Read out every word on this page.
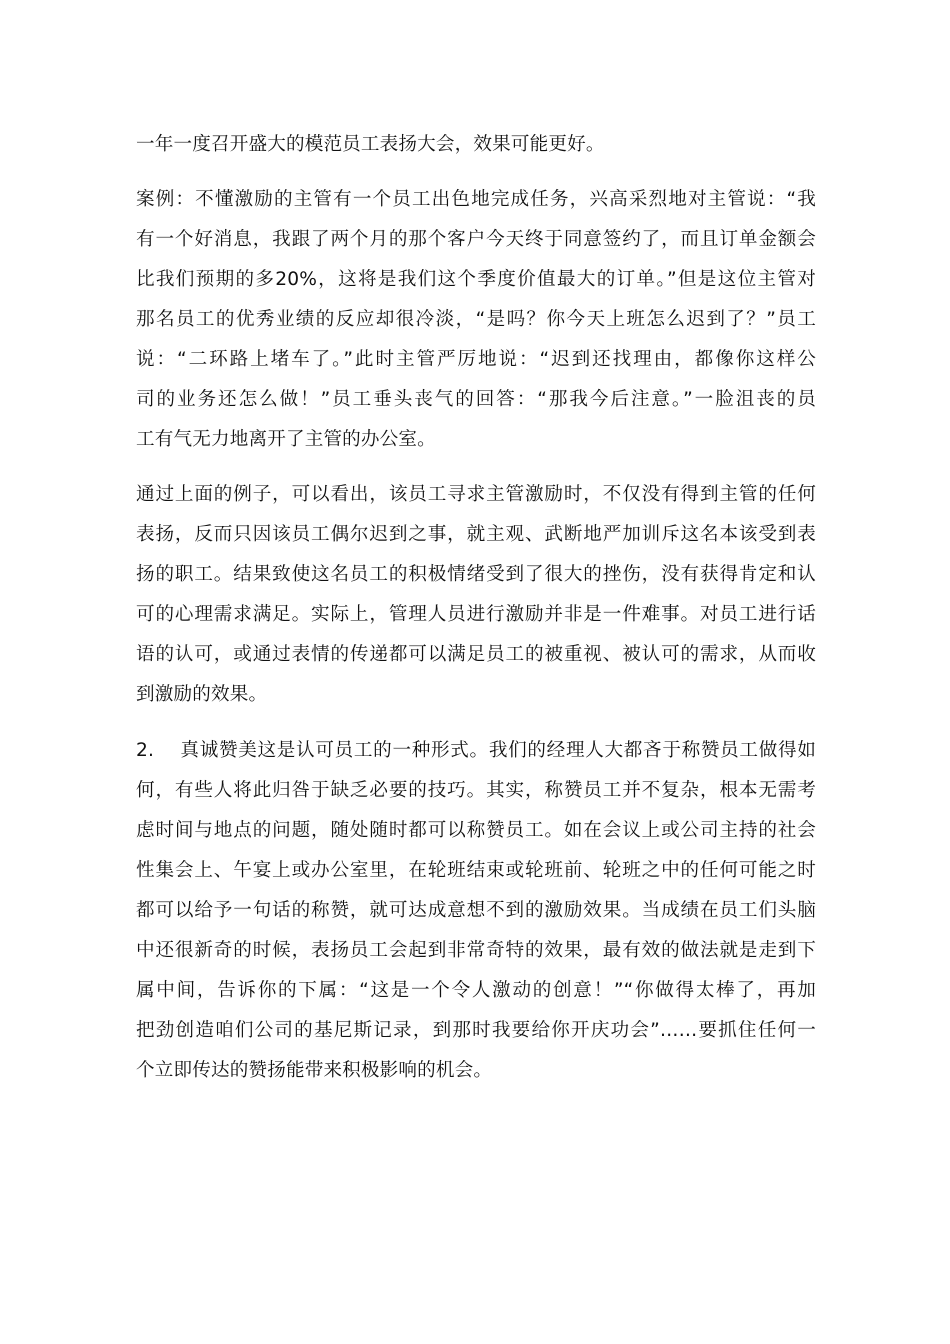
一年一度召开盛大的模范员工表扬大会，效果可能更好。
案例：不懂激励的主管有一个员工出色地完成任务，兴高采烈地对主管说：“我
有一个好消息，我跟了两个月的那个客户今天终于同意签约了，而且订单金额会
比我们预期的多20%，这将是我们这个季度价值最大的订单。”但是这位主管对
那名员工的优秀业绩的反应却很冷淡，“是吗？你今天上班怎么迟到了？”员工
说：“二环路上堵车了。”此时主管严厉地说：“迟到还找理由，都像你这样公
司的业务还怎么做！”员工垂头丧气的回答：“那我今后注意。”一脸沮丧的员
工有气无力地离开了主管的办公室。
通过上面的例子，可以看出，该员工寻求主管激励时，不仅没有得到主管的任何
表扬，反而只因该员工偶尔迟到之事，就主观、武断地严加训斥这名本该受到表
扬的职工。结果致使这名员工的积极情绪受到了很大的挫伤，没有获得肯定和认
可的心理需求满足。实际上，管理人员进行激励并非是一件难事。对员工进行话
语的认可，或通过表情的传递都可以满足员工的被重视、被认可的需求，从而收
到激励的效果。
2.    真诚赞美这是认可员工的一种形式。我们的经理人大都吝于称赞员工做得如
何，有些人将此归咎于缺乏必要的技巧。其实，称赞员工并不复杂，根本无需考
虑时间与地点的问题，随处随时都可以称赞员工。如在会议上或公司主持的社会
性集会上、午宴上或办公室里，在轮班结束或轮班前、轮班之中的任何可能之时
都可以给予一句话的称赞，就可达成意想不到的激励效果。当成绩在员工们头脑
中还很新奇的时候，表扬员工会起到非常奇特的效果，最有效的做法就是走到下
属中间，告诉你的下属：“这是一个令人激动的创意！”“你做得太棒了，再加
把劲创造咱们公司的基尼斯记录，到那时我要给你开庆功会”……要抓住任何一
个立即传达的赞扬能带来积极影响的机会。
